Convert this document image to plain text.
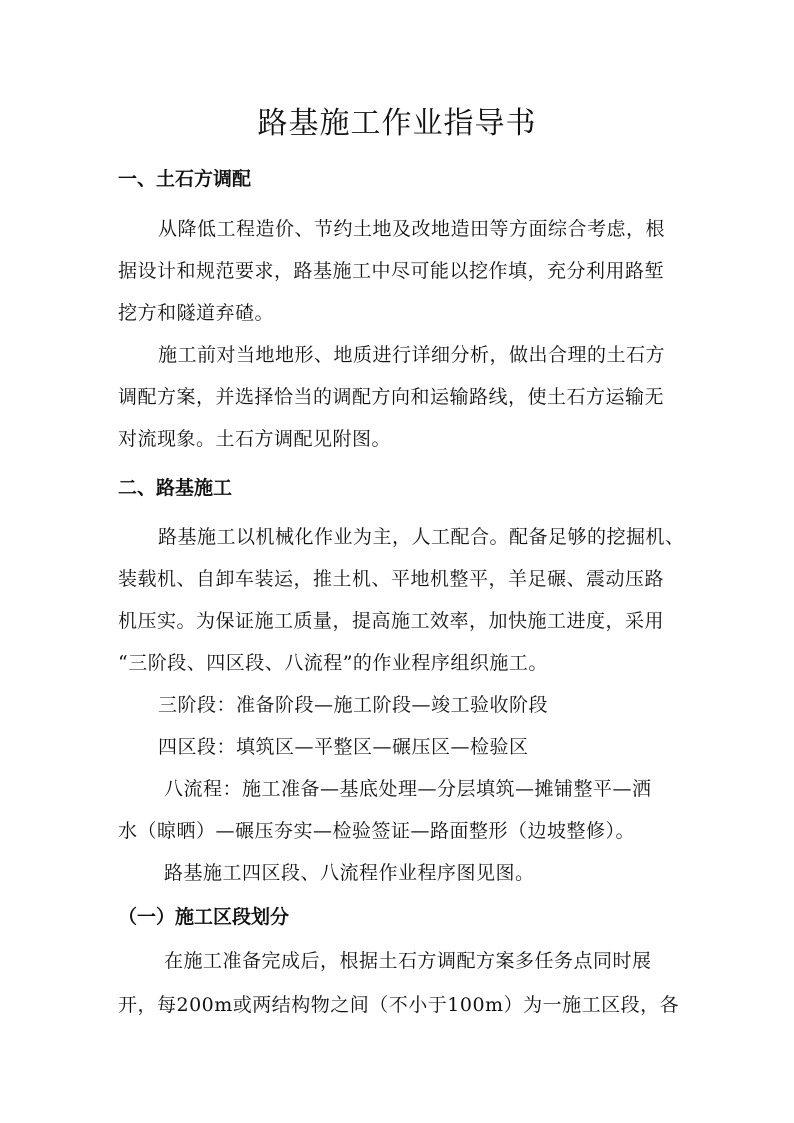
路基施工作业指导书
一、土石方调配
从降低工程造价、节约土地及改地造田等方面综合考虑，根
据设计和规范要求，路基施工中尽可能以挖作填，充分利用路堑
挖方和隧道弃碴。
施工前对当地地形、地质进行详细分析，做出合理的土石方
调配方案，并选择恰当的调配方向和运输路线，使土石方运输无
对流现象。土石方调配见附图。
二、路基施工
路基施工以机械化作业为主，人工配合。配备足够的挖掘机、
装载机、自卸车装运，推土机、平地机整平，羊足碾、震动压路
机压实。为保证施工质量，提高施工效率，加快施工进度，采用
“三阶段、四区段、八流程”的作业程序组织施工。
三阶段：准备阶段—施工阶段—竣工验收阶段
四区段：填筑区—平整区—碾压区—检验区
八流程：施工准备—基底处理—分层填筑—摊铺整平—洒
水（晾晒）—碾压夯实—检验签证—路面整形（边坡整修）。
路基施工四区段、八流程作业程序图见图。
（一）施工区段划分
在施工准备完成后，根据土石方调配方案多任务点同时展
开，每200m或两结构物之间（不小于100m）为一施工区段，各
